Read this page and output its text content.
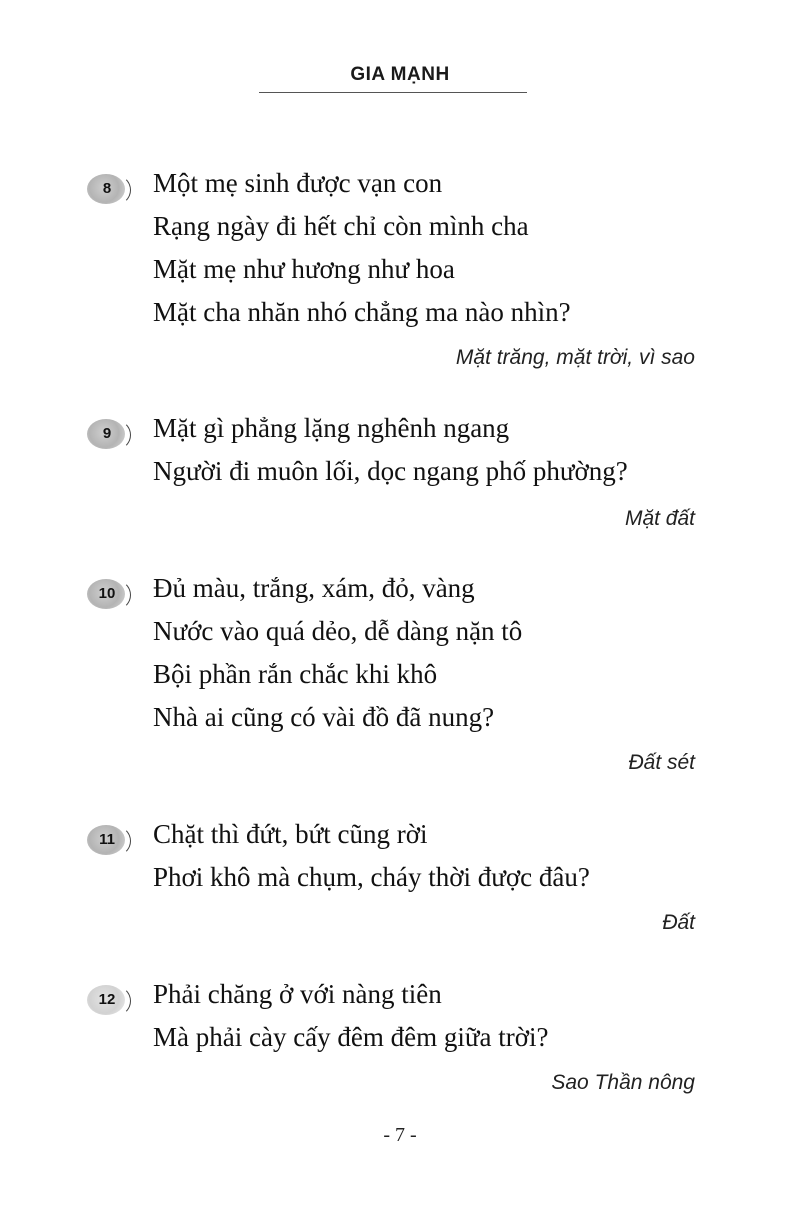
GIA MẠNH
8	Một mẹ sinh được vạn con
Rạng ngày đi hết chỉ còn mình cha
Mặt mẹ như hương như hoa
Mặt cha nhăn nhó chẳng ma nào nhìn?
Mặt trăng, mặt trời, vì sao
9	Mặt gì phẳng lặng nghênh ngang
Người đi muôn lối, dọc ngang phố phường?
Mặt đất
10	Đủ màu, trắng, xám, đỏ, vàng
Nước vào quá dẻo, dễ dàng nặn tô
Bội phần rắn chắc khi khô
Nhà ai cũng có vài đồ đã nung?
Đất sét
11	Chặt thì đứt, bứt cũng rời
Phơi khô mà chụm, cháy thời được đâu?
Đất
12	Phải chăng ở với nàng tiên
Mà phải cày cấy đêm đêm giữa trời?
Sao Thần nông
- 7 -
